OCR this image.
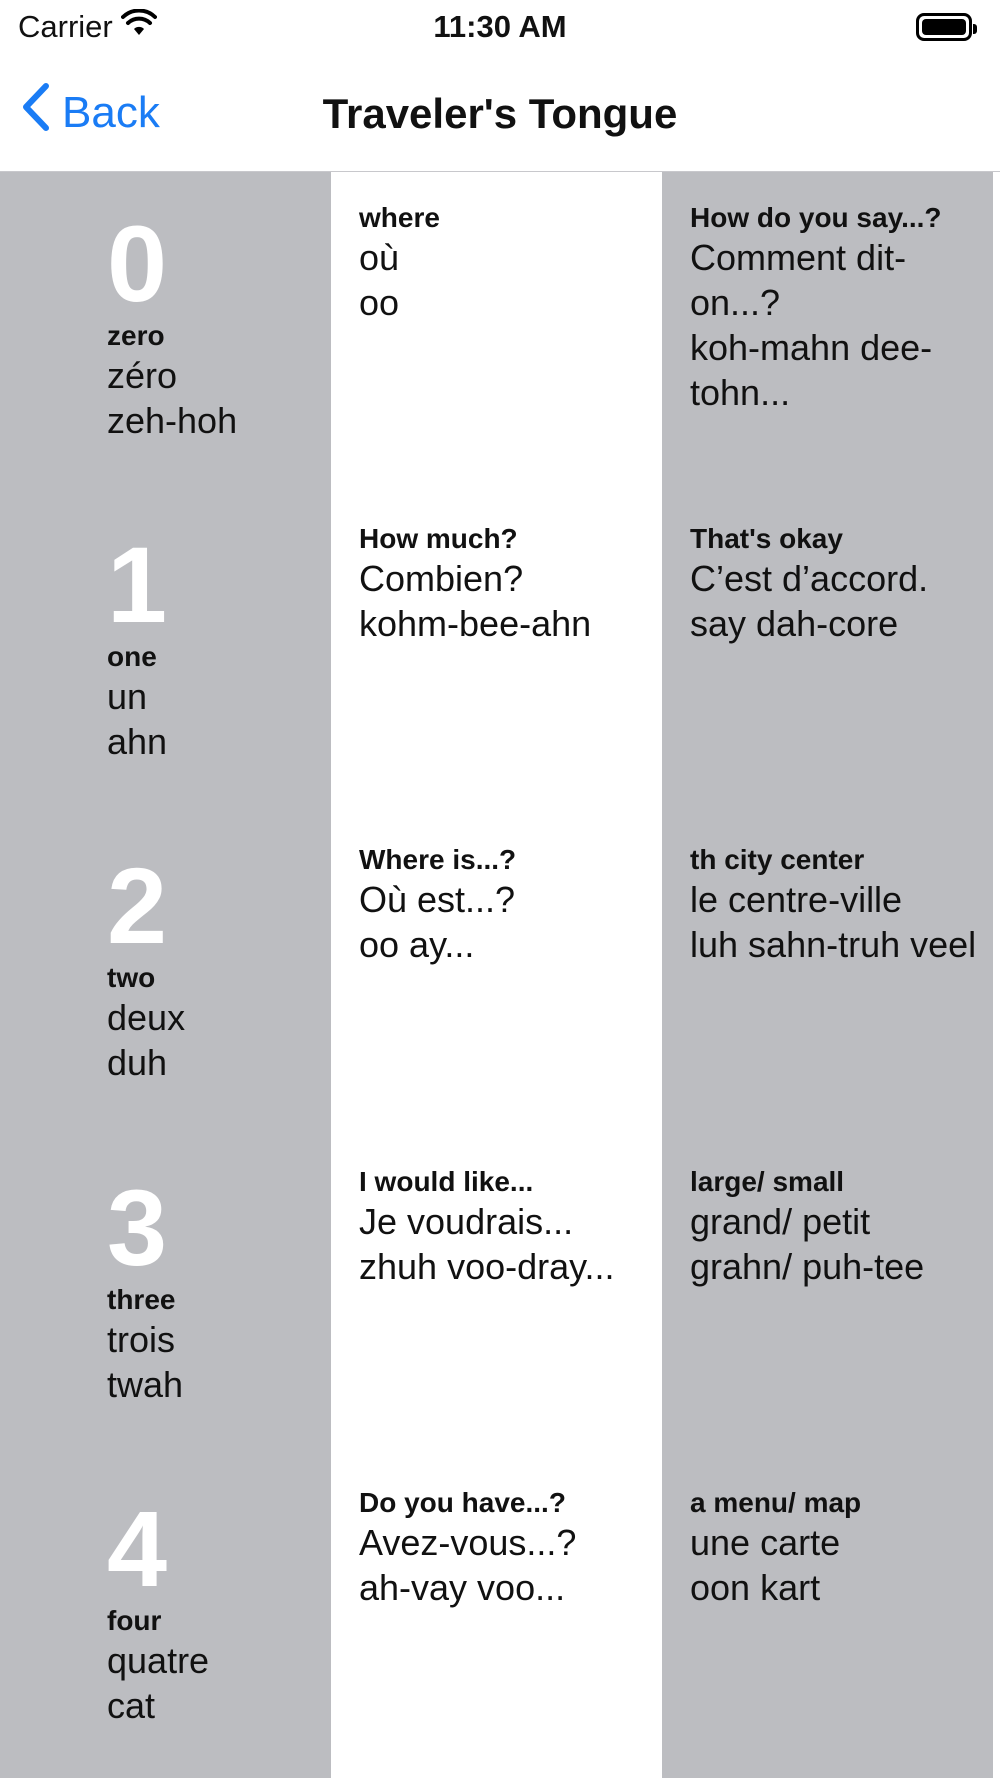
Carrier	11:30 AM
Back	Traveler's Tongue
0
zero
zéro
zeh-hoh
1
one
un
ahn
2
two
deux
duh
3
three
trois
twah
4
four
quatre
cat
where
où
oo
How much?
Combien?
kohm-bee-ahn
Where is...?
Où est...?
oo ay...
I would like...
Je voudrais...
zhuh voo-dray...
Do you have...?
Avez-vous...?
ah-vay voo...
How do you say...?
Comment dit-on...?
koh-mahn dee-tohn...
That's okay
C’est d’accord.
say dah-core
th city center
le centre-ville
luh sahn-truh veel
large/ small
grand/ petit
grahn/ puh-tee
a menu/ map
une carte
oon kart
